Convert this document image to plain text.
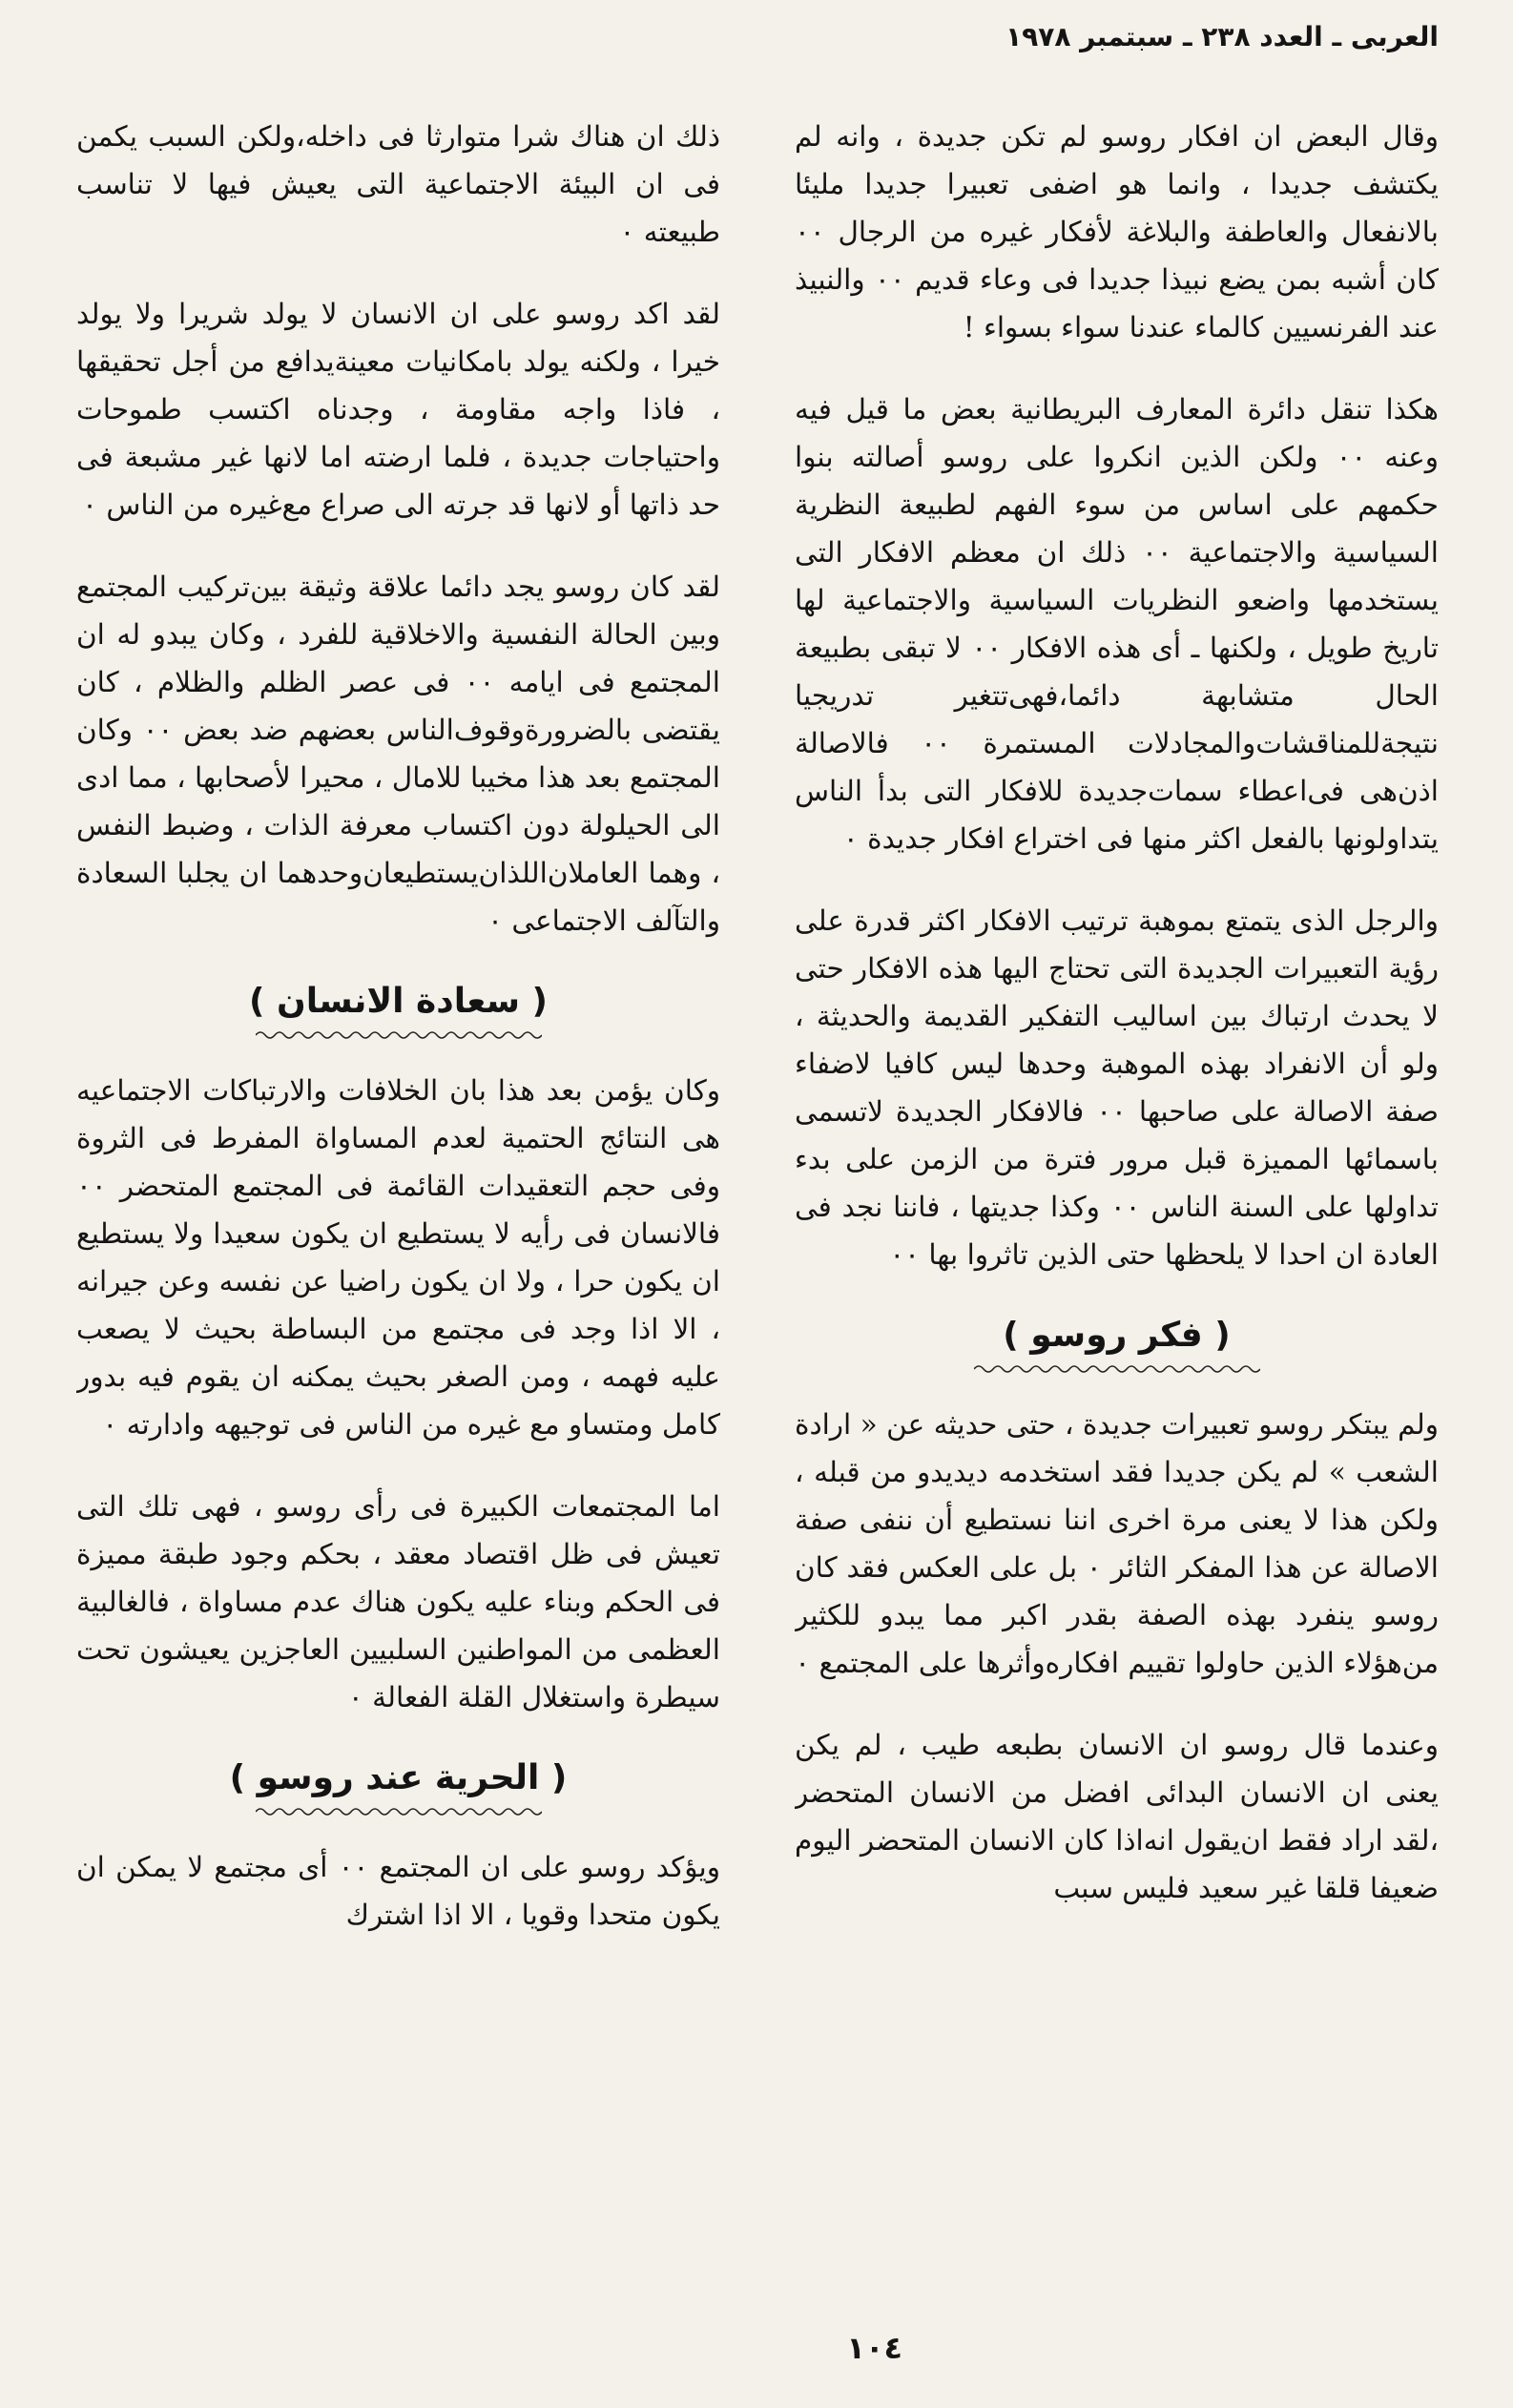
العربى ـ العدد ٢٣٨ ـ سبتمبر ١٩٧٨

وقال البعض ان افكار روسو لم تكن جديدة ، وانه لم يكتشف جديدا ، وانما هو اضفى تعبيرا جديدا مليئا بالانفعال والعاطفة والبلاغة لأفكار غيره من الرجال ٠٠ كان أشبه بمن يضع نبيذا جديدا فى وعاء قديم ٠٠ والنبيذ عند الفرنسيين كالماء عندنا سواء بسواء !

هكذا تنقل دائرة المعارف البريطانية بعض ما قيل فيه وعنه ٠٠ ولكن الذين انكروا على روسو أصالته بنوا حكمهم على اساس من سوء الفهم لطبيعة النظرية السياسية والاجتماعية ٠٠ ذلك ان معظم الافكار التى يستخدمها واضعو النظريات السياسية والاجتماعية لها تاريخ طويل ، ولكنها ـ أى هذه الافكار ٠٠ لا تبقى بطبيعة الحال متشابهة دائما،فهى‌تتغير تدريجيا نتيجة‌للمناقشات‌والمجادلات المستمرة ٠٠ فالاصالة اذن‌هى فى‌اعطاء سمات‌جديدة للافكار التى بدأ الناس يتداولونها بالفعل اكثر منها فى اختراع افكار جديدة ٠

والرجل الذى يتمتع بموهبة ترتيب الافكار اكثر قدرة على رؤية التعبيرات الجديدة التى تحتاج اليها هذه الافكار حتى لا يحدث ارتباك بين اساليب التفكير القديمة والحديثة ، ولو أن الانفراد بهذه الموهبة وحدها ليس كافيا لاضفاء صفة الاصالة على صاحبها ٠٠ فالافكار الجديدة لاتسمى باسمائها المميزة قبل مرور فترة من الزمن على بدء تداولها على السنة الناس ٠٠ وكذا جديتها ، فاننا نجد فى العادة ان احدا لا يلحظها حتى الذين تاثروا بها ٠٠

( فكر روسو )

ولم يبتكر روسو تعبيرات جديدة ، حتى حديثه عن « ارادة الشعب » لم يكن جديدا فقد استخدمه ديديدو من قبله ، ولكن هذا لا يعنى مرة اخرى اننا نستطيع أن ننفى صفة الاصالة عن هذا المفكر الثائر ٠ بل على العكس فقد كان روسو ينفرد بهذه الصفة بقدر اكبر مما يبدو للكثير من‌هؤلاء الذين حاولوا تقييم افكاره‌وأثرها على المجتمع ٠

وعندما قال روسو ان الانسان بطبعه طيب ، لم يكن يعنى ان الانسان البدائى افضل من الانسان المتحضر ،لقد اراد فقط ان‌يقول انه‌اذا كان الانسان المتحضر اليوم ضعيفا قلقا غير سعيد فليس سبب

ذلك ان هناك شرا متوارثا فى داخله،ولكن السبب يكمن فى ان البيئة الاجتماعية التى يعيش فيها لا تناسب طبيعته ٠

لقد اكد روسو على ان الانسان لا يولد شريرا ولا يولد خيرا ، ولكنه يولد بامكانيات معينة‌يدافع من أجل تحقيقها ، فاذا واجه مقاومة ، وجدناه اكتسب طموحات واحتياجات جديدة ، فلما ارضته اما لانها غير مشبعة فى حد ذاتها أو لانها قد جرته الى صراع مع‌غيره من الناس ٠

لقد كان روسو يجد دائما علاقة وثيقة بين‌تركيب المجتمع وبين الحالة النفسية والاخلاقية للفرد ، وكان يبدو له ان المجتمع فى ايامه ٠٠ فى عصر الظلم والظلام ، كان يقتضى بالضرورة‌وقوف‌الناس بعضهم ضد بعض ٠٠ وكان المجتمع بعد هذا مخيبا للامال ، محيرا لأصحابها ، مما ادى الى الحيلولة دون اكتساب معرفة الذات ، وضبط النفس ، وهما العاملان‌اللذان‌يستطيعان‌وحدهما ان يجلبا السعادة والتآلف الاجتماعى ٠

( سعادة الانسان )

وكان يؤمن بعد هذا بان الخلافات والارتباكات الاجتماعيه هى النتائج الحتمية لعدم المساواة المفرط فى الثروة وفى حجم التعقيدات القائمة فى المجتمع المتحضر ٠٠ فالانسان فى رأيه لا يستطيع ان يكون سعيدا ولا يستطيع ان يكون حرا ، ولا ان يكون راضيا عن نفسه وعن جيرانه ، الا اذا وجد فى مجتمع من البساطة بحيث لا يصعب عليه فهمه ، ومن الصغر بحيث يمكنه ان يقوم فيه بدور كامل ومتساو مع غيره من الناس فى توجيهه وادارته ٠

اما المجتمعات الكبيرة فى رأى روسو ، فهى تلك التى تعيش فى ظل اقتصاد معقد ، بحكم وجود طبقة مميزة فى الحكم وبناء عليه يكون هناك عدم مساواة ، فالغالبية العظمى من المواطنين السلبيين العاجزين يعيشون تحت سيطرة واستغلال القلة الفعالة ٠

( الحرية عند روسو )

ويؤكد روسو على ان المجتمع ٠٠ أى مجتمع لا يمكن ان يكون متحدا وقويا ، الا اذا اشترك

١٠٤
